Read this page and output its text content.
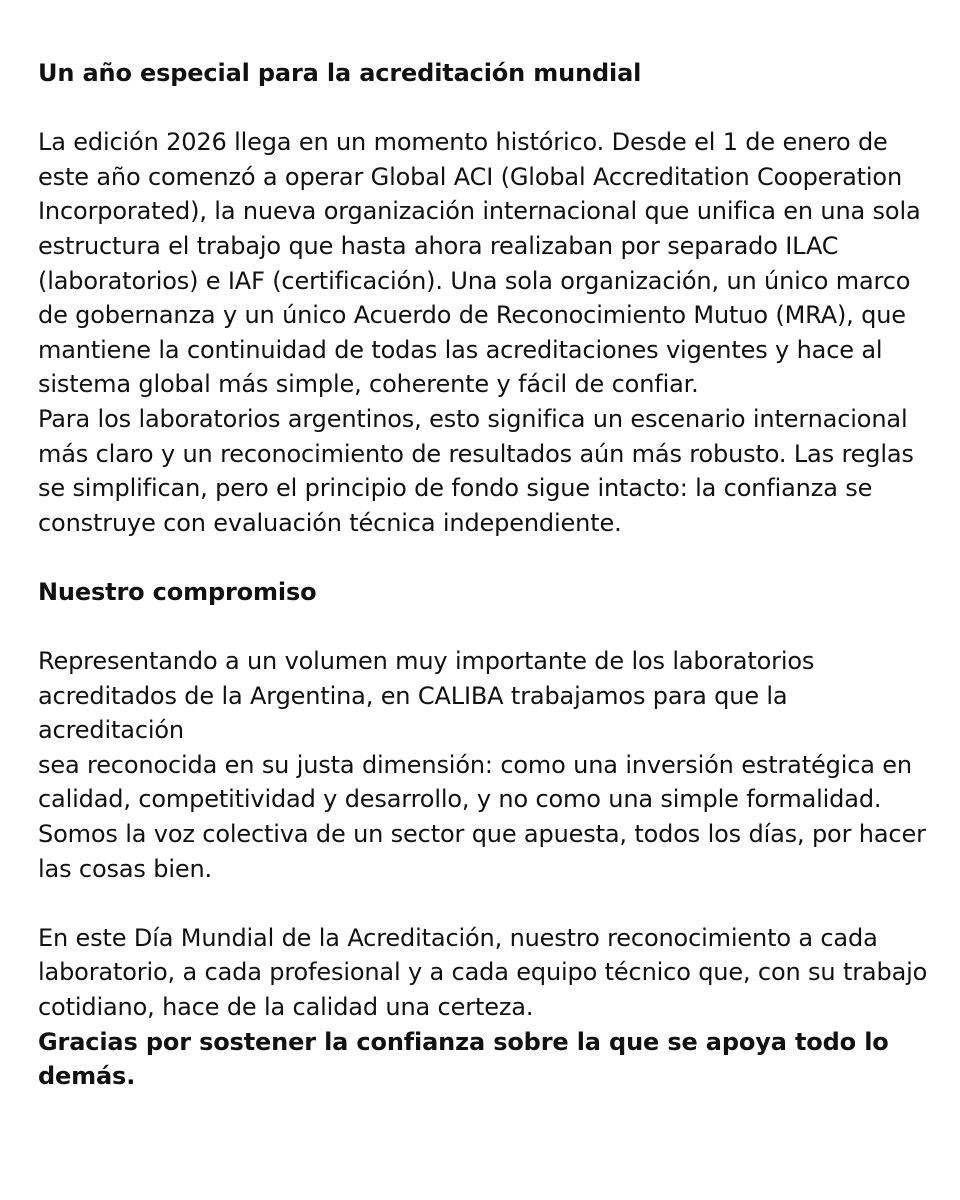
Un año especial para la acreditación mundial

La edición 2026 llega en un momento histórico. Desde el 1 de enero de
este año comenzó a operar Global ACI (Global Accreditation Cooperation
Incorporated), la nueva organización internacional que unifica en una sola
estructura el trabajo que hasta ahora realizaban por separado ILAC
(laboratorios) e IAF (certificación). Una sola organización, un único marco
de gobernanza y un único Acuerdo de Reconocimiento Mutuo (MRA), que
mantiene la continuidad de todas las acreditaciones vigentes y hace al
sistema global más simple, coherente y fácil de confiar.

Para los laboratorios argentinos, esto significa un escenario internacional
más claro y un reconocimiento de resultados aún más robusto. Las reglas
se simplifican, pero el principio de fondo sigue intacto: la confianza se
construye con evaluación técnica independiente.

Nuestro compromiso

Representando a un volumen muy importante de los laboratorios
acreditados de la Argentina, en CALIBA trabajamos para que la acreditación
sea reconocida en su justa dimensión: como una inversión estratégica en
calidad, competitividad y desarrollo, y no como una simple formalidad.
Somos la voz colectiva de un sector que apuesta, todos los días, por hacer
las cosas bien.

En este Día Mundial de la Acreditación, nuestro reconocimiento a cada
laboratorio, a cada profesional y a cada equipo técnico que, con su trabajo
cotidiano, hace de la calidad una certeza.

Gracias por sostener la confianza sobre la que se apoya todo lo demás.
